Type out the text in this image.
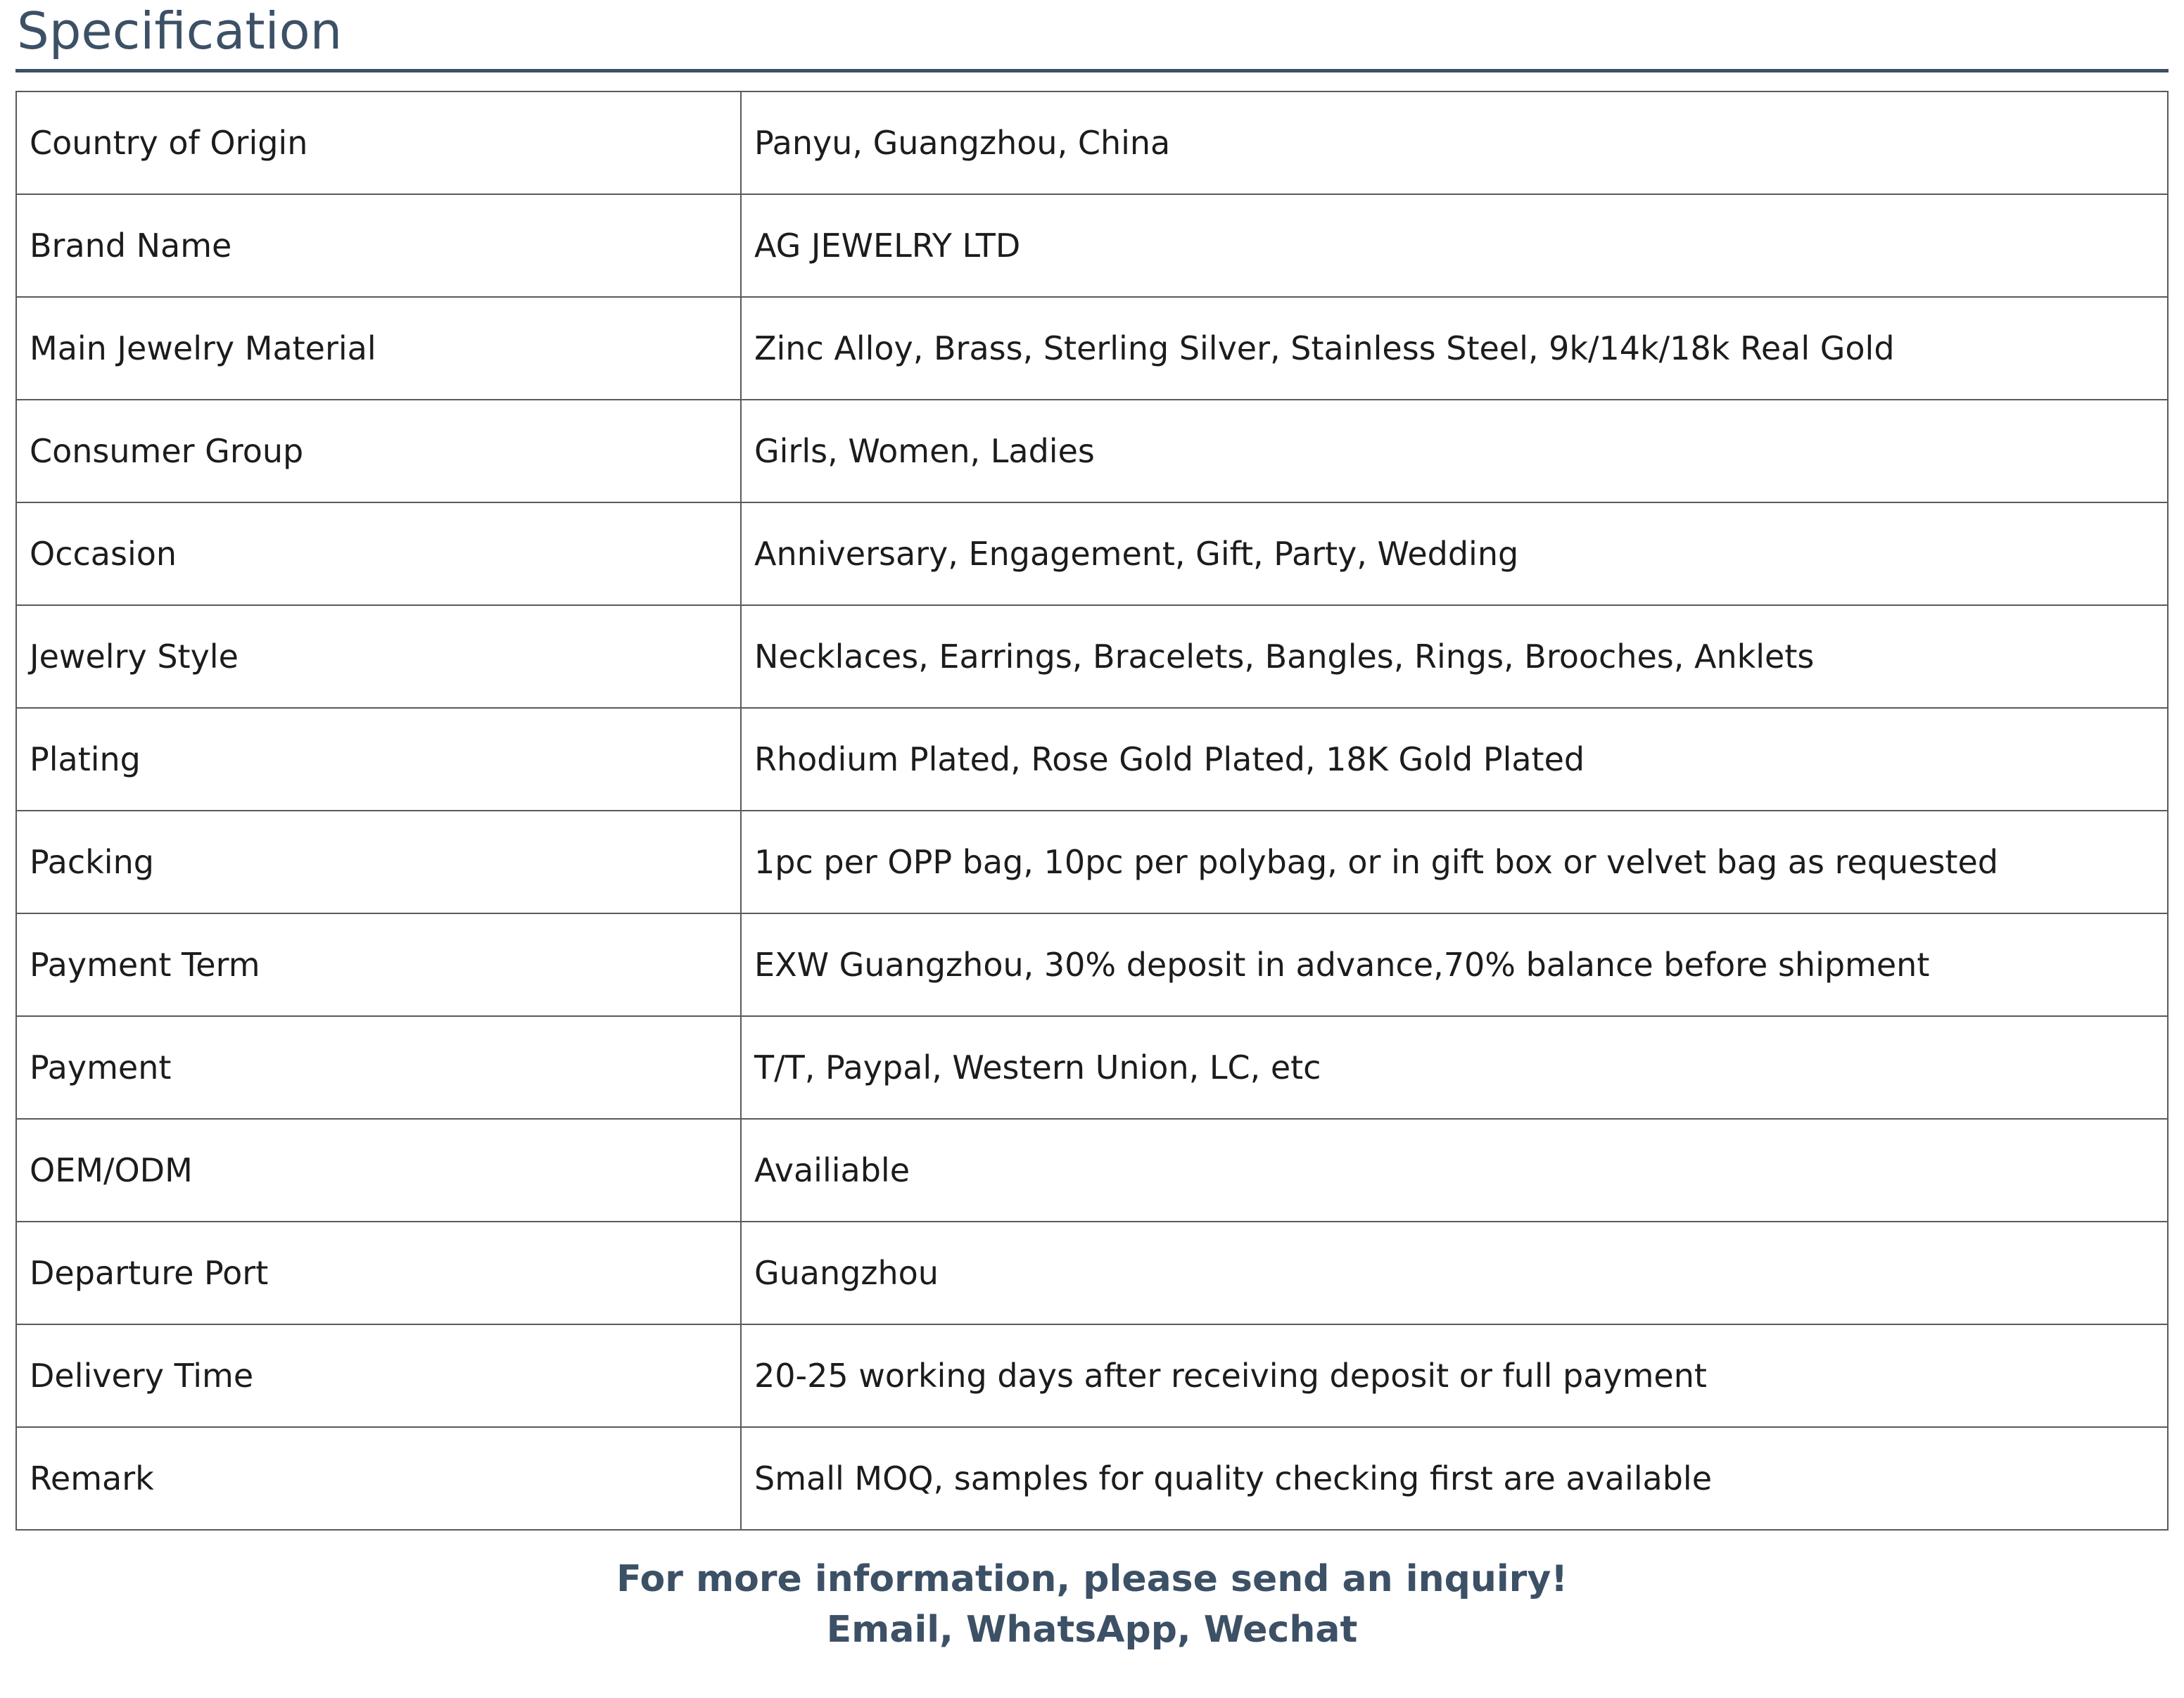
Specification
Country of Origin	Panyu, Guangzhou, China
Brand Name	AG JEWELRY LTD
Main Jewelry Material	Zinc Alloy, Brass, Sterling Silver, Stainless Steel, 9k/14k/18k Real Gold
Consumer Group	Girls, Women, Ladies
Occasion	Anniversary, Engagement, Gift, Party, Wedding
Jewelry Style	Necklaces, Earrings, Bracelets, Bangles, Rings, Brooches, Anklets
Plating	Rhodium Plated, Rose Gold Plated, 18K Gold Plated
Packing	1pc per OPP bag, 10pc per polybag, or in gift box or velvet bag as requested
Payment Term	EXW Guangzhou, 30% deposit in advance,70% balance before shipment
Payment	T/T, Paypal, Western Union, LC, etc
OEM/ODM	Availiable
Departure Port	Guangzhou
Delivery Time	20-25 working days after receiving deposit or full payment
Remark	Small MOQ, samples for quality checking first are available
For more information, please send an inquiry!
Email, WhatsApp, Wechat
